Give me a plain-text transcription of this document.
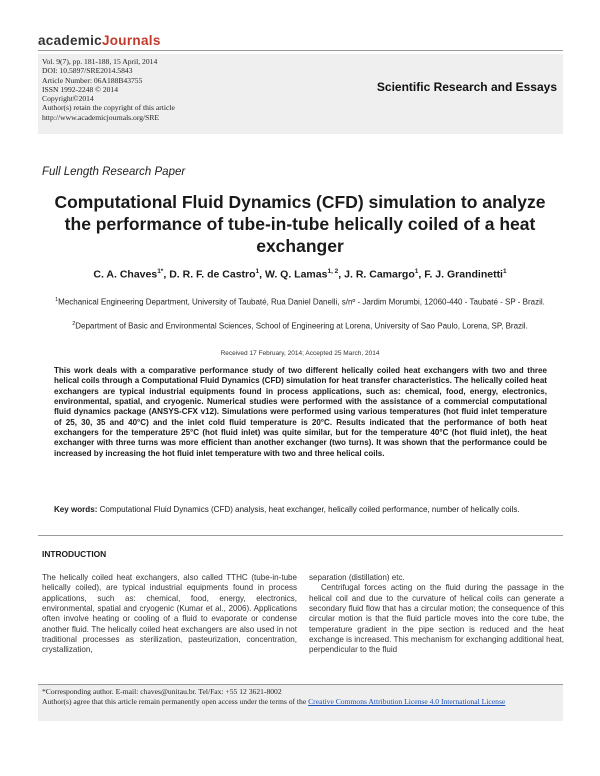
academicJournals
Vol. 9(7), pp. 181-188, 15 April, 2014
DOI: 10.5897/SRE2014.5843
Article Number: 06A188B43755
ISSN 1992-2248 © 2014
Copyright©2014
Author(s) retain the copyright of this article
http://www.academicjournals.org/SRE
Scientific Research and Essays
Full Length Research Paper
Computational Fluid Dynamics (CFD) simulation to analyze the performance of tube-in-tube helically coiled of a heat exchanger
C. A. Chaves$^{1*}$, D. R. F. de Castro$^1$, W. Q. Lamas$^{1, 2}$, J. R. Camargo$^1$, F. J. Grandinetti$^1$
$^1$Mechanical Engineering Department, University of Taubaté, Rua Daniel Danelli, s/nº - Jardim Morumbi, 12060-440 - Taubaté - SP - Brazil.
$^2$Department of Basic and Environmental Sciences, School of Engineering at Lorena, University of Sao Paulo, Lorena, SP, Brazil.
Received 17 February, 2014; Accepted 25 March, 2014
This work deals with a comparative performance study of two different helically coiled heat exchangers with two and three helical coils through a Computational Fluid Dynamics (CFD) simulation for heat transfer characteristics. The helically coiled heat exchangers are typical industrial equipments found in process applications, such as: chemical, food, energy, electronics, environmental, spatial, and cryogenic. Numerical studies were performed with the assistance of a commercial computational fluid dynamics package (ANSYS-CFX v12). Simulations were performed using various temperatures (hot fluid inlet temperature of 25, 30, 35 and 40°C) and the inlet cold fluid temperature is 20°C. Results indicated that the performance of both heat exchangers for the temperature 25°C (hot fluid inlet) was quite similar, but for the temperature 40°C (hot fluid inlet), the heat exchanger with three turns was more efficient than another exchanger (two turns). It was shown that the performance could be increased by increasing the hot fluid inlet temperature with two and three helical coils.
Key words: Computational Fluid Dynamics (CFD) analysis, heat exchanger, helically coiled performance, number of helically coils.
INTRODUCTION
The helically coiled heat exchangers, also called TTHC (tube-in-tube helically coiled), are typical industrial equipments found in process applications, such as: chemical, food, energy, electronics, environmental, spatial and cryogenic (Kumar et al., 2006). Applications often involve heating or cooling of a fluid to evaporate or condense another fluid. The helically coiled heat exchangers are also used in not traditional processes as sterilization, pasteurization, concentration, crystallization,
separation (distillation) etc.
Centrifugal forces acting on the fluid during the passage in the helical coil and due to the curvature of helical coils can generate a secondary fluid flow that has a circular motion; the consequence of this circular motion is that the fluid particle moves into the core tube, the temperature gradient in the pipe section is reduced and the heat exchange is increased. This mechanism for exchanging additional heat, perpendicular to the fluid
*Corresponding author. E-mail: chaves@unitau.br. Tel/Fax: +55 12 3621-8002
Author(s) agree that this article remain permanently open access under the terms of the Creative Commons Attribution License 4.0 International License
